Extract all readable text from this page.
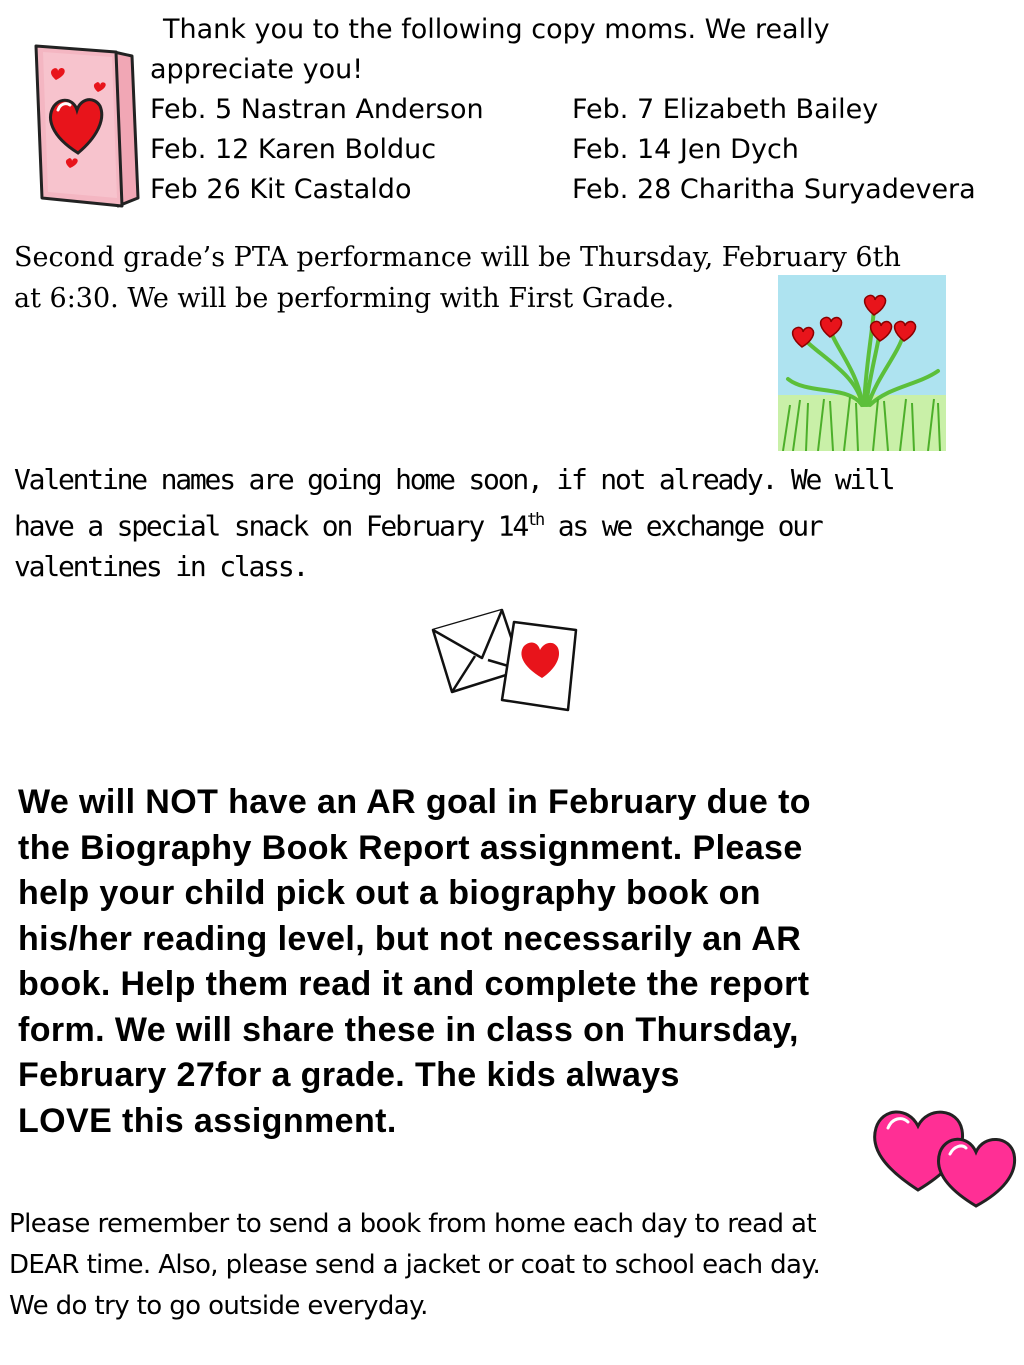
Thank you to the following copy moms. We really
appreciate you!
Feb. 5 Nastran Anderson	Feb. 7 Elizabeth Bailey
Feb. 12 Karen Bolduc	Feb. 14 Jen Dych
Feb 26 Kit Castaldo	Feb. 28 Charitha Suryadevera
Second grade’s PTA performance will be Thursday, February 6th
at 6:30. We will be performing with First Grade.
Valentine names are going home soon, if not already. We will
have a special snack on February 14th as we exchange our
valentines in class.
We will NOT have an AR goal in February due to
the Biography Book Report assignment. Please
help your child pick out a biography book on
his/her reading level, but not necessarily an AR
book. Help them read it and complete the report
form. We will share these in class on Thursday,
February 27for a grade. The kids always
LOVE this assignment.
Please remember to send a book from home each day to read at
DEAR time. Also, please send a jacket or coat to school each day.
We do try to go outside everyday.
